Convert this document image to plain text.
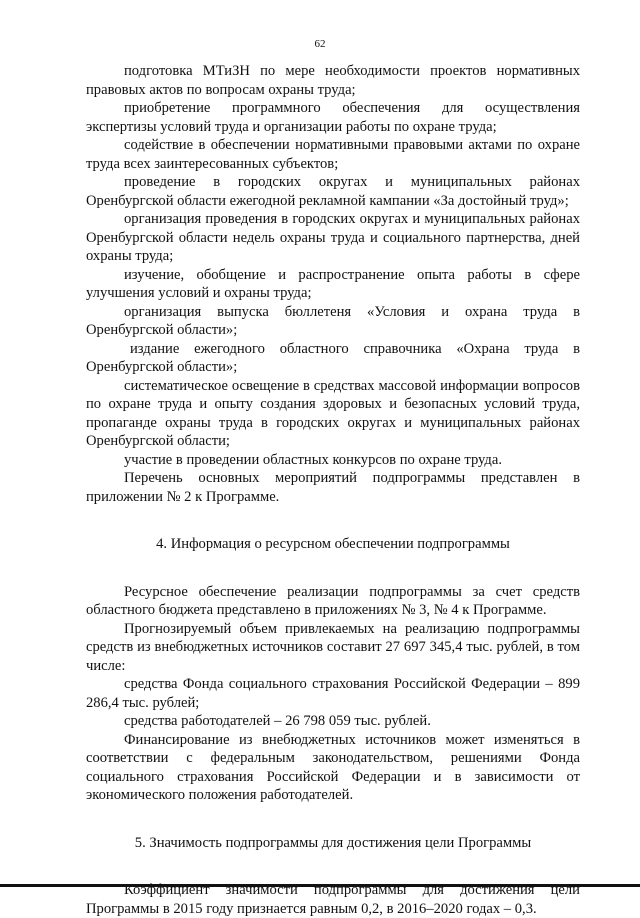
62

подготовка МТиЗН по мере необходимости проектов нормативных правовых актов по вопросам охраны труда;

приобретение программного обеспечения для осуществления экспертизы условий труда и организации работы по охране труда;

содействие в обеспечении нормативными правовыми актами по охране труда всех заинтересованных субъектов;

проведение в городских округах и муниципальных районах Оренбургской области ежегодной рекламной кампании «За достойный труд»;

организация проведения в городских округах и муниципальных районах Оренбургской области недель охраны труда и социального партнерства, дней охраны труда;

изучение, обобщение и распространение опыта работы в сфере улучшения условий и охраны труда;

организация выпуска бюллетеня «Условия и охрана труда в Оренбургской области»;

издание ежегодного областного справочника «Охрана труда в Оренбургской области»;

систематическое освещение в средствах массовой информации вопросов по охране труда и опыту создания здоровых и безопасных условий труда, пропаганде охраны труда в городских округах и муниципальных районах Оренбургской области;

участие в проведении областных конкурсов по охране труда.

Перечень основных мероприятий подпрограммы представлен в приложении № 2 к Программе.

4. Информация о ресурсном обеспечении подпрограммы

Ресурсное обеспечение реализации подпрограммы за счет средств областного бюджета представлено в приложениях № 3, № 4 к Программе.

Прогнозируемый объем привлекаемых на реализацию подпрограммы средств из внебюджетных источников составит 27 697 345,4 тыс. рублей, в том числе:

средства Фонда социального страхования Российской Федерации – 899 286,4 тыс. рублей;

средства работодателей – 26 798 059 тыс. рублей.

Финансирование из внебюджетных источников может изменяться в соответствии с федеральным законодательством, решениями Фонда социального страхования Российской Федерации и в зависимости от экономического положения работодателей.

5. Значимость подпрограммы для достижения цели Программы

Коэффициент значимости подпрограммы для достижения цели Программы в 2015 году признается равным 0,2, в 2016–2020 годах – 0,3.
